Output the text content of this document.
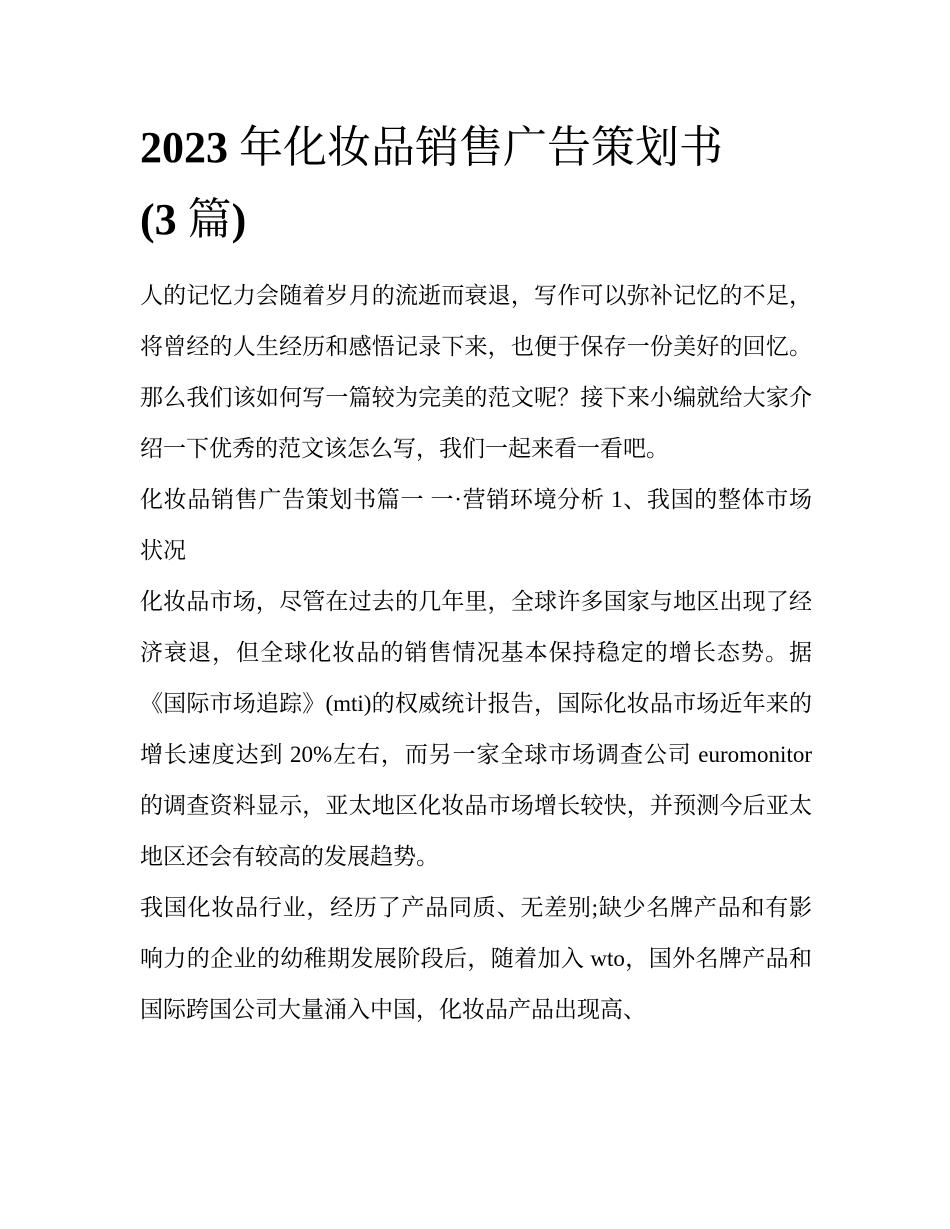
2023 年化妆品销售广告策划书
(3 篇)

人的记忆力会随着岁月的流逝而衰退，写作可以弥补记忆的不足，将曾经的人生经历和感悟记录下来，也便于保存一份美好的回忆。那么我们该如何写一篇较为完美的范文呢？接下来小编就给大家介绍一下优秀的范文该怎么写，我们一起来看一看吧。

化妆品销售广告策划书篇一 一·营销环境分析 1、我国的整体市场状况

化妆品市场，尽管在过去的几年里，全球许多国家与地区出现了经济衰退，但全球化妆品的销售情况基本保持稳定的增长态势。据《国际市场追踪》(mti)的权威统计报告，国际化妆品市场近年来的增长速度达到 20%左右，而另一家全球市场调查公司 euromonitor 的调查资料显示，亚太地区化妆品市场增长较快，并预测今后亚太地区还会有较高的发展趋势。

我国化妆品行业，经历了产品同质、无差别;缺少名牌产品和有影响力的企业的幼稚期发展阶段后，随着加入 wto，国外名牌产品和国际跨国公司大量涌入中国，化妆品产品出现高、
